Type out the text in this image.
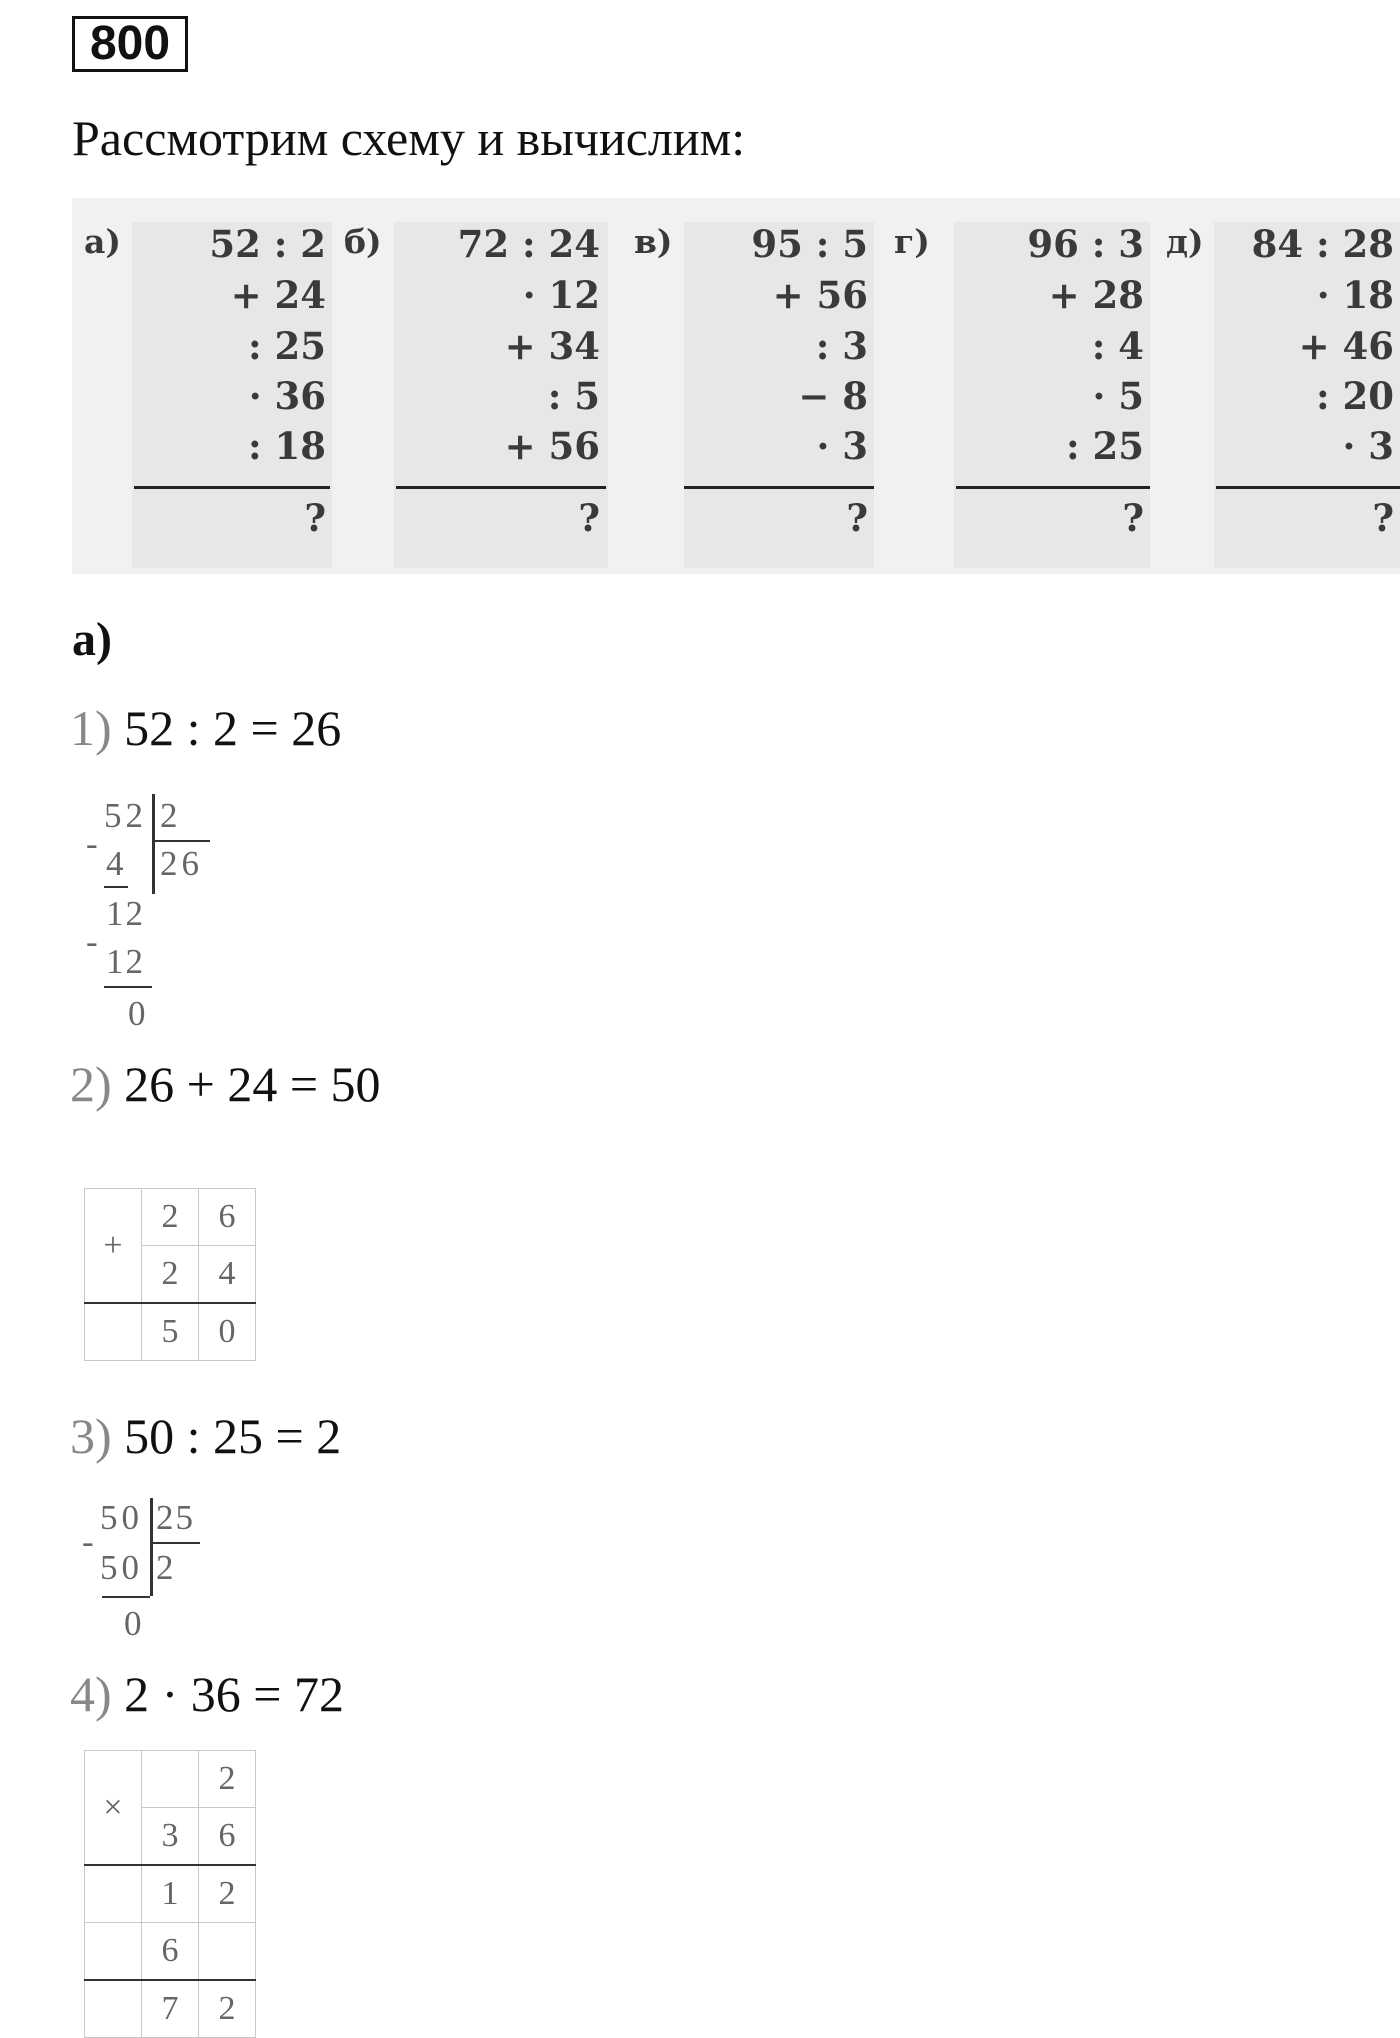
800
Рассмотрим схему и вычислим:
а)	52 : 2
+ 24
: 25
· 36
: 18
?
б)	72 : 24
· 12
+ 34
: 5
+ 56
?
в)	95 : 5
+ 56
: 3
− 8
· 3
?
г)	96 : 3
+ 28
: 4
· 5
: 25
?
д)	84 : 28
· 18
+ 46
: 20
· 3
?
а)
1) 52 : 2 = 26
-
52 2
4 26
12
-
12
0
2) 26 + 24 = 50
+	2	6
	2	4
	5	0
3) 50 : 25 = 2
-
50 25
50 2
0
4) 2 · 36 = 72
×		2
	3	6
	1	2
	6	
	7	2
